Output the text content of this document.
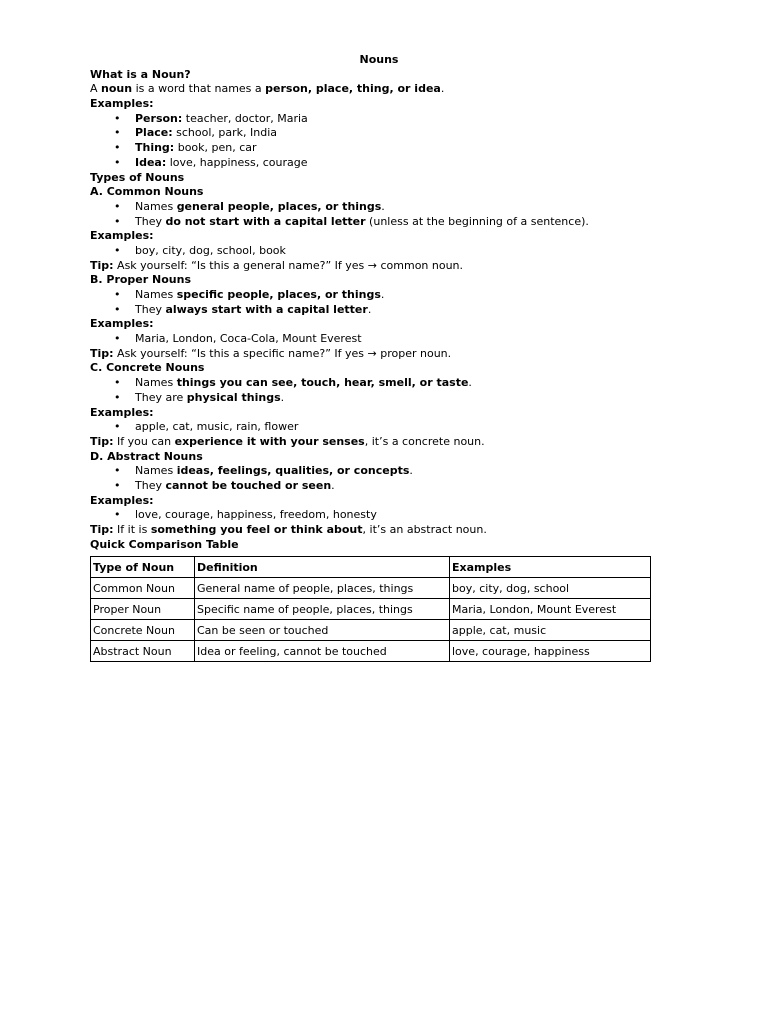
Nouns
What is a Noun?
A noun is a word that names a person, place, thing, or idea.
Examples:
• Person: teacher, doctor, Maria
• Place: school, park, India
• Thing: book, pen, car
• Idea: love, happiness, courage
Types of Nouns
A. Common Nouns
• Names general people, places, or things.
• They do not start with a capital letter (unless at the beginning of a sentence).
Examples:
• boy, city, dog, school, book
Tip: Ask yourself: “Is this a general name?” If yes → common noun.
B. Proper Nouns
• Names specific people, places, or things.
• They always start with a capital letter.
Examples:
• Maria, London, Coca-Cola, Mount Everest
Tip: Ask yourself: “Is this a specific name?” If yes → proper noun.
C. Concrete Nouns
• Names things you can see, touch, hear, smell, or taste.
• They are physical things.
Examples:
• apple, cat, music, rain, flower
Tip: If you can experience it with your senses, it’s a concrete noun.
D. Abstract Nouns
• Names ideas, feelings, qualities, or concepts.
• They cannot be touched or seen.
Examples:
• love, courage, happiness, freedom, honesty
Tip: If it is something you feel or think about, it’s an abstract noun.
Quick Comparison Table
Type of Noun	Definition	Examples
Common Noun	General name of people, places, things	boy, city, dog, school
Proper Noun	Specific name of people, places, things	Maria, London, Mount Everest
Concrete Noun	Can be seen or touched	apple, cat, music
Abstract Noun	Idea or feeling, cannot be touched	love, courage, happiness
